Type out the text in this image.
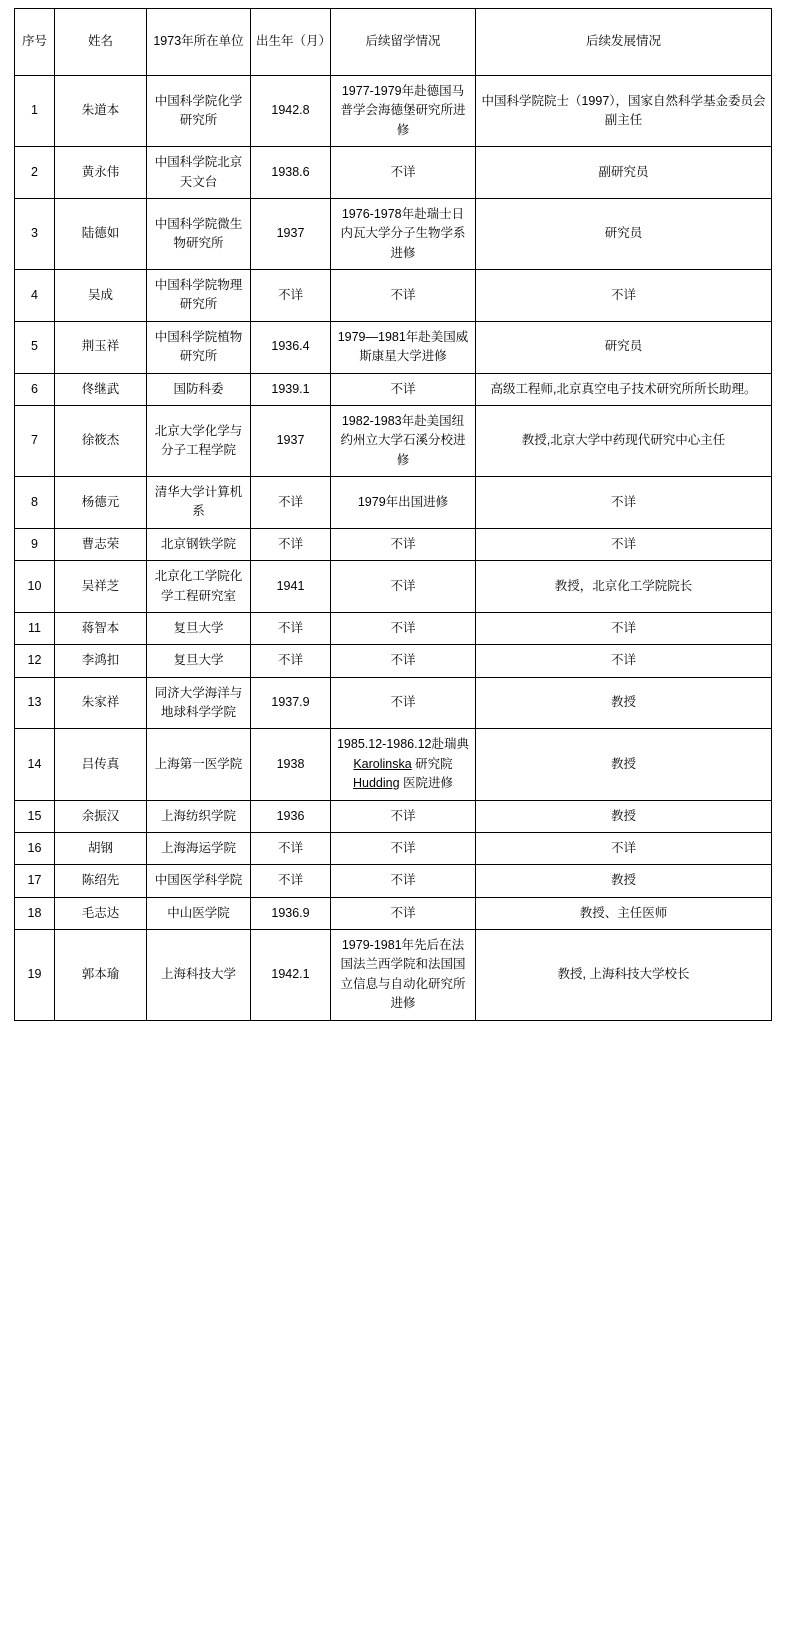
序号	姓名	1973年所在单位	出生年（月）	后续留学情况	后续发展情况
1	朱道本	中国科学院化学研究所	1942.8	1977-1979年赴德国马普学会海德堡研究所进修	中国科学院院士（1997），国家自然科学基金委员会副主任
2	黄永伟	中国科学院北京天文台	1938.6	不详	副研究员
3	陆德如	中国科学院微生物研究所	1937	1976-1978年赴瑞士日内瓦大学分子生物学系进修	研究员
4	吴成	中国科学院物理研究所	不详	不详	不详
5	荆玉祥	中国科学院植物研究所	1936.4	1979—1981年赴美国威斯康星大学进修	研究员
6	佟继武	国防科委	1939.1	不详	高级工程师,北京真空电子技术研究所所长助理。
7	徐筱杰	北京大学化学与分子工程学院	1937	1982-1983年赴美国纽约州立大学石溪分校进修	教授,北京大学中药现代研究中心主任
8	杨德元	清华大学计算机系	不详	1979年出国进修	不详
9	曹志荣	北京钢铁学院	不详	不详	不详
10	吴祥芝	北京化工学院化学工程研究室	1941	不详	教授，北京化工学院院长
11	蒋智本	复旦大学	不详	不详	不详
12	李鸿扣	复旦大学	不详	不详	不详
13	朱家祥	同济大学海洋与地球科学学院	1937.9	不详	教授
14	吕传真	上海第一医学院	1938	1985.12-1986.12赴瑞典 Karolinska 研究院Hudding 医院进修	教授
15	余振汉	上海纺织学院	1936	不详	教授
16	胡钢	上海海运学院	不详	不详	不详
17	陈绍先	中国医学科学院	不详	不详	教授
18	毛志达	中山医学院	1936.9	不详	教授、主任医师
19	郭本瑜	上海科技大学	1942.1	1979-1981年先后在法国法兰西学院和法国国立信息与自动化研究所进修	教授, 上海科技大学校长
